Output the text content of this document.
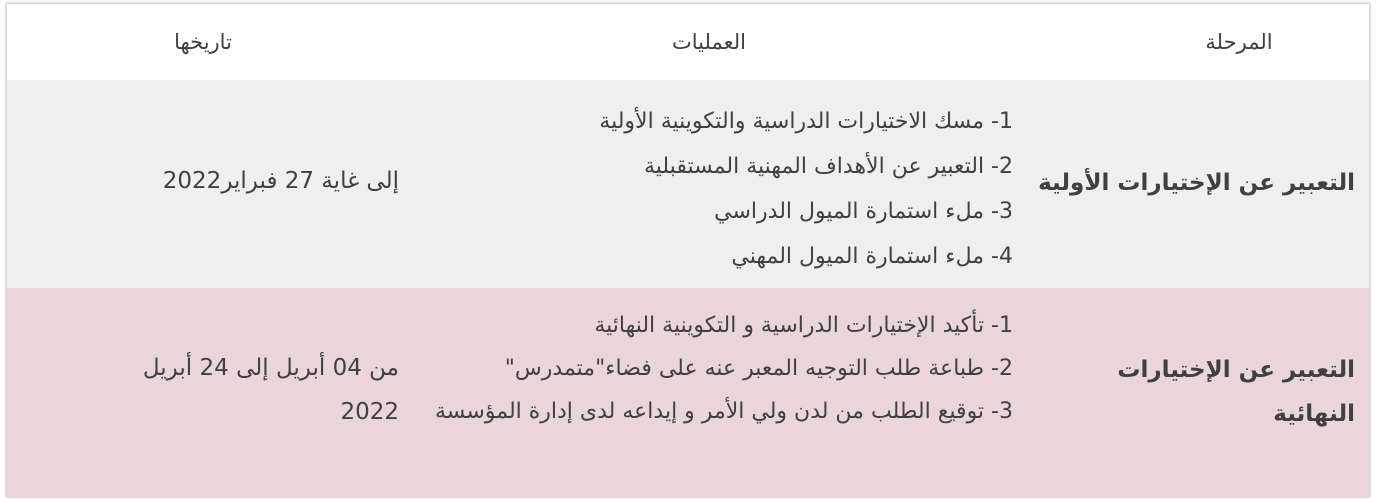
المرحلة
العمليات
تاريخها
التعبير عن الإختيارات الأولية
1- مسك الاختيارات الدراسية والتكوينية الأولية
2- التعبير عن الأهداف المهنية المستقبلية
3- ملء استمارة الميول الدراسي
4- ملء استمارة الميول المهني
إلى غاية 27 فبراير2022
التعبير عن الإختيارات النهائية
1- تأكيد الإختيارات الدراسية و التكوينية النهائية
2- طباعة طلب التوجيه المعبر عنه على فضاء"متمدرس"
3- توقيع الطلب من لدن ولي الأمر و إيداعه لدى إدارة المؤسسة
من 04 أبريل إلى 24 أبريل 2022
